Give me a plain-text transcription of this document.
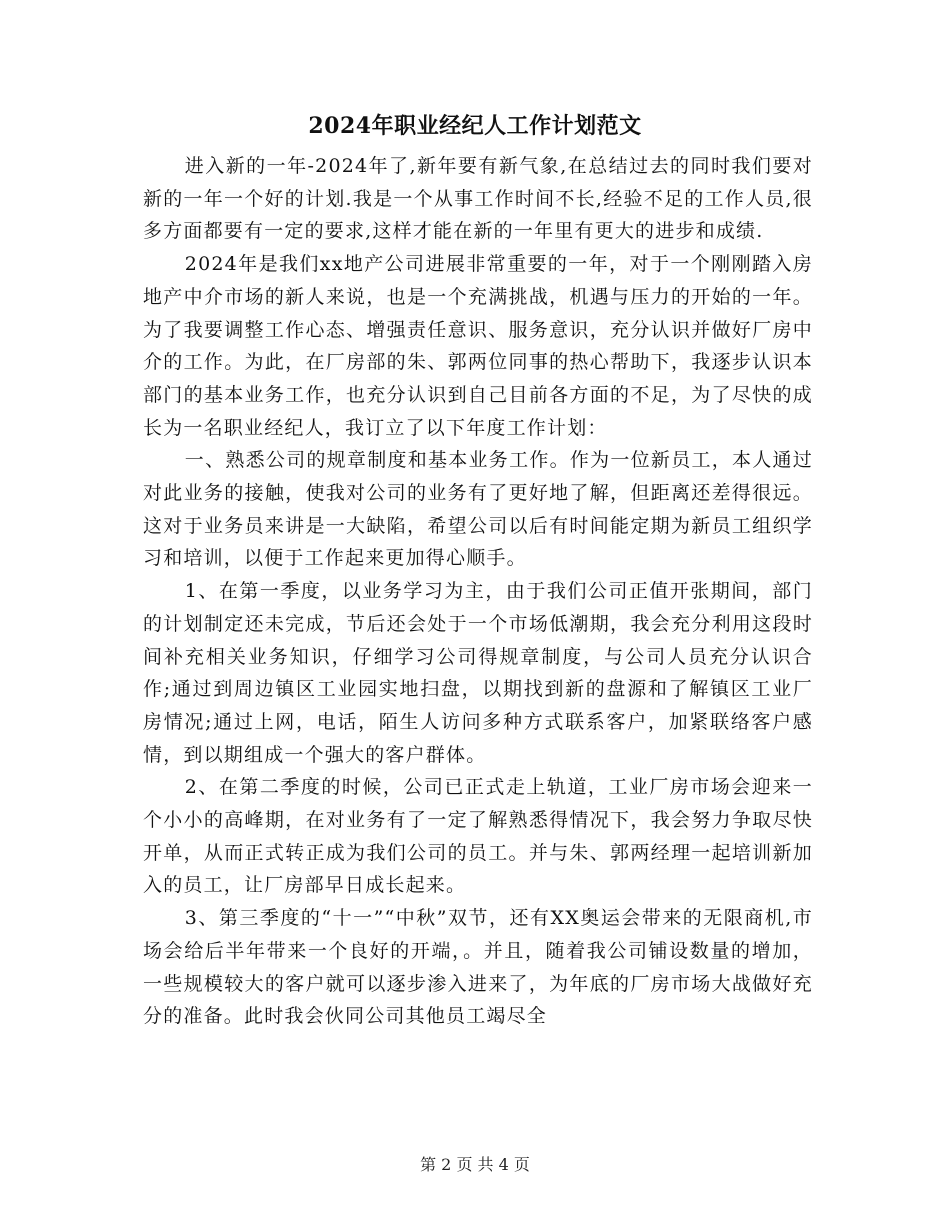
2024年职业经纪人工作计划范文

进入新的一年-2024年了,新年要有新气象,在总结过去的同时我们要对新的一年一个好的计划.我是一个从事工作时间不长,经验不足的工作人员,很多方面都要有一定的要求,这样才能在新的一年里有更大的进步和成绩.

2024年是我们xx地产公司进展非常重要的一年，对于一个刚刚踏入房地产中介市场的新人来说，也是一个充满挑战，机遇与压力的开始的一年。为了我要调整工作心态、增强责任意识、服务意识，充分认识并做好厂房中介的工作。为此，在厂房部的朱、郭两位同事的热心帮助下，我逐步认识本部门的基本业务工作，也充分认识到自己目前各方面的不足，为了尽快的成长为一名职业经纪人，我订立了以下年度工作计划：

一、熟悉公司的规章制度和基本业务工作。作为一位新员工，本人通过对此业务的接触，使我对公司的业务有了更好地了解，但距离还差得很远。这对于业务员来讲是一大缺陷，希望公司以后有时间能定期为新员工组织学习和培训，以便于工作起来更加得心顺手。

1、在第一季度，以业务学习为主，由于我们公司正值开张期间，部门的计划制定还未完成，节后还会处于一个市场低潮期，我会充分利用这段时间补充相关业务知识，仔细学习公司得规章制度，与公司人员充分认识合作;通过到周边镇区工业园实地扫盘，以期找到新的盘源和了解镇区工业厂房情况;通过上网，电话，陌生人访问多种方式联系客户，加紧联络客户感情，到以期组成一个强大的客户群体。

2、在第二季度的时候，公司已正式走上轨道，工业厂房市场会迎来一个小小的高峰期，在对业务有了一定了解熟悉得情况下，我会努力争取尽快开单，从而正式转正成为我们公司的员工。并与朱、郭两经理一起培训新加入的员工，让厂房部早日成长起来。

3、第三季度的“十一”“中秋”双节，还有XX奥运会带来的无限商机,市场会给后半年带来一个良好的开端，。并且，随着我公司铺设数量的增加，一些规模较大的客户就可以逐步渗入进来了，为年底的厂房市场大战做好充分的准备。此时我会伙同公司其他员工竭尽全

第 2 页 共 4 页
